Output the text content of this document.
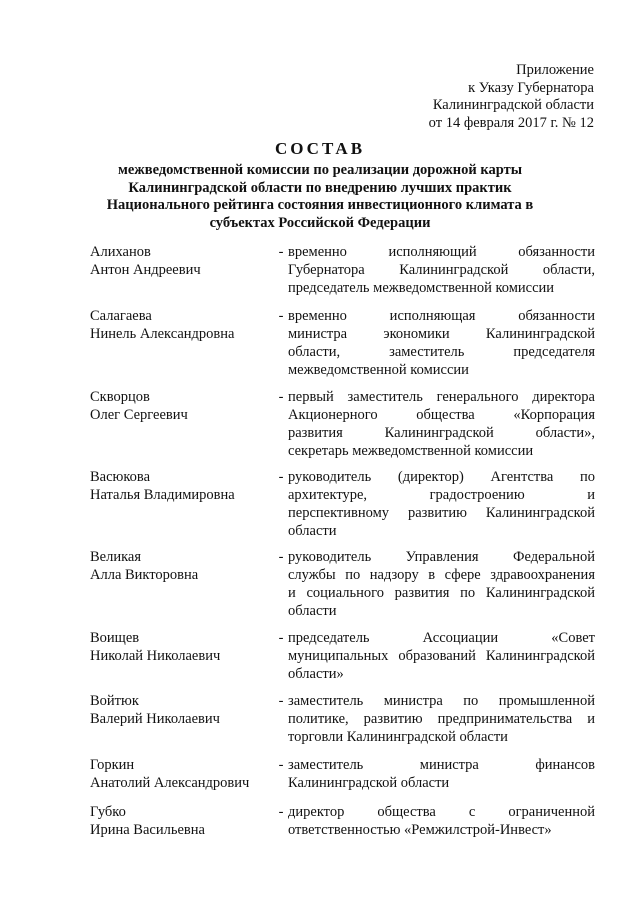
Приложение
к Указу Губернатора
Калининградской области
от 14 февраля 2017 г. № 12
СОСТАВ
межведомственной комиссии по реализации дорожной карты
Калининградской области по внедрению лучших практик
Национального рейтинга состояния инвестиционного климата в
субъектах Российской Федерации
Алиханов
Антон Андреевич
- временно исполняющий обязанности
Губернатора Калининградской области,
председатель межведомственной комиссии
Салагаева
Нинель Александровна
- временно исполняющая обязанности
министра экономики Калининградской
области, заместитель председателя
межведомственной комиссии
Скворцов
Олег Сергеевич
- первый заместитель генерального директора
Акционерного общества «Корпорация
развития Калининградской области»,
секретарь межведомственной комиссии
Васюкова
Наталья Владимировна
- руководитель (директор) Агентства по
архитектуре, градостроению и
перспективному развитию Калининградской
области
Великая
Алла Викторовна
- руководитель Управления Федеральной
службы по надзору в сфере здравоохранения
и социального развития по Калининградской
области
Воищев
Николай Николаевич
- председатель Ассоциации «Совет
муниципальных образований Калининградской
области»
Войтюк
Валерий Николаевич
- заместитель министра по промышленной
политике, развитию предпринимательства и
торговли Калининградской области
Горкин
Анатолий Александрович
- заместитель министра финансов
Калининградской области
Губко
Ирина Васильевна
- директор общества с ограниченной
ответственностью «Ремжилстрой-Инвест»
